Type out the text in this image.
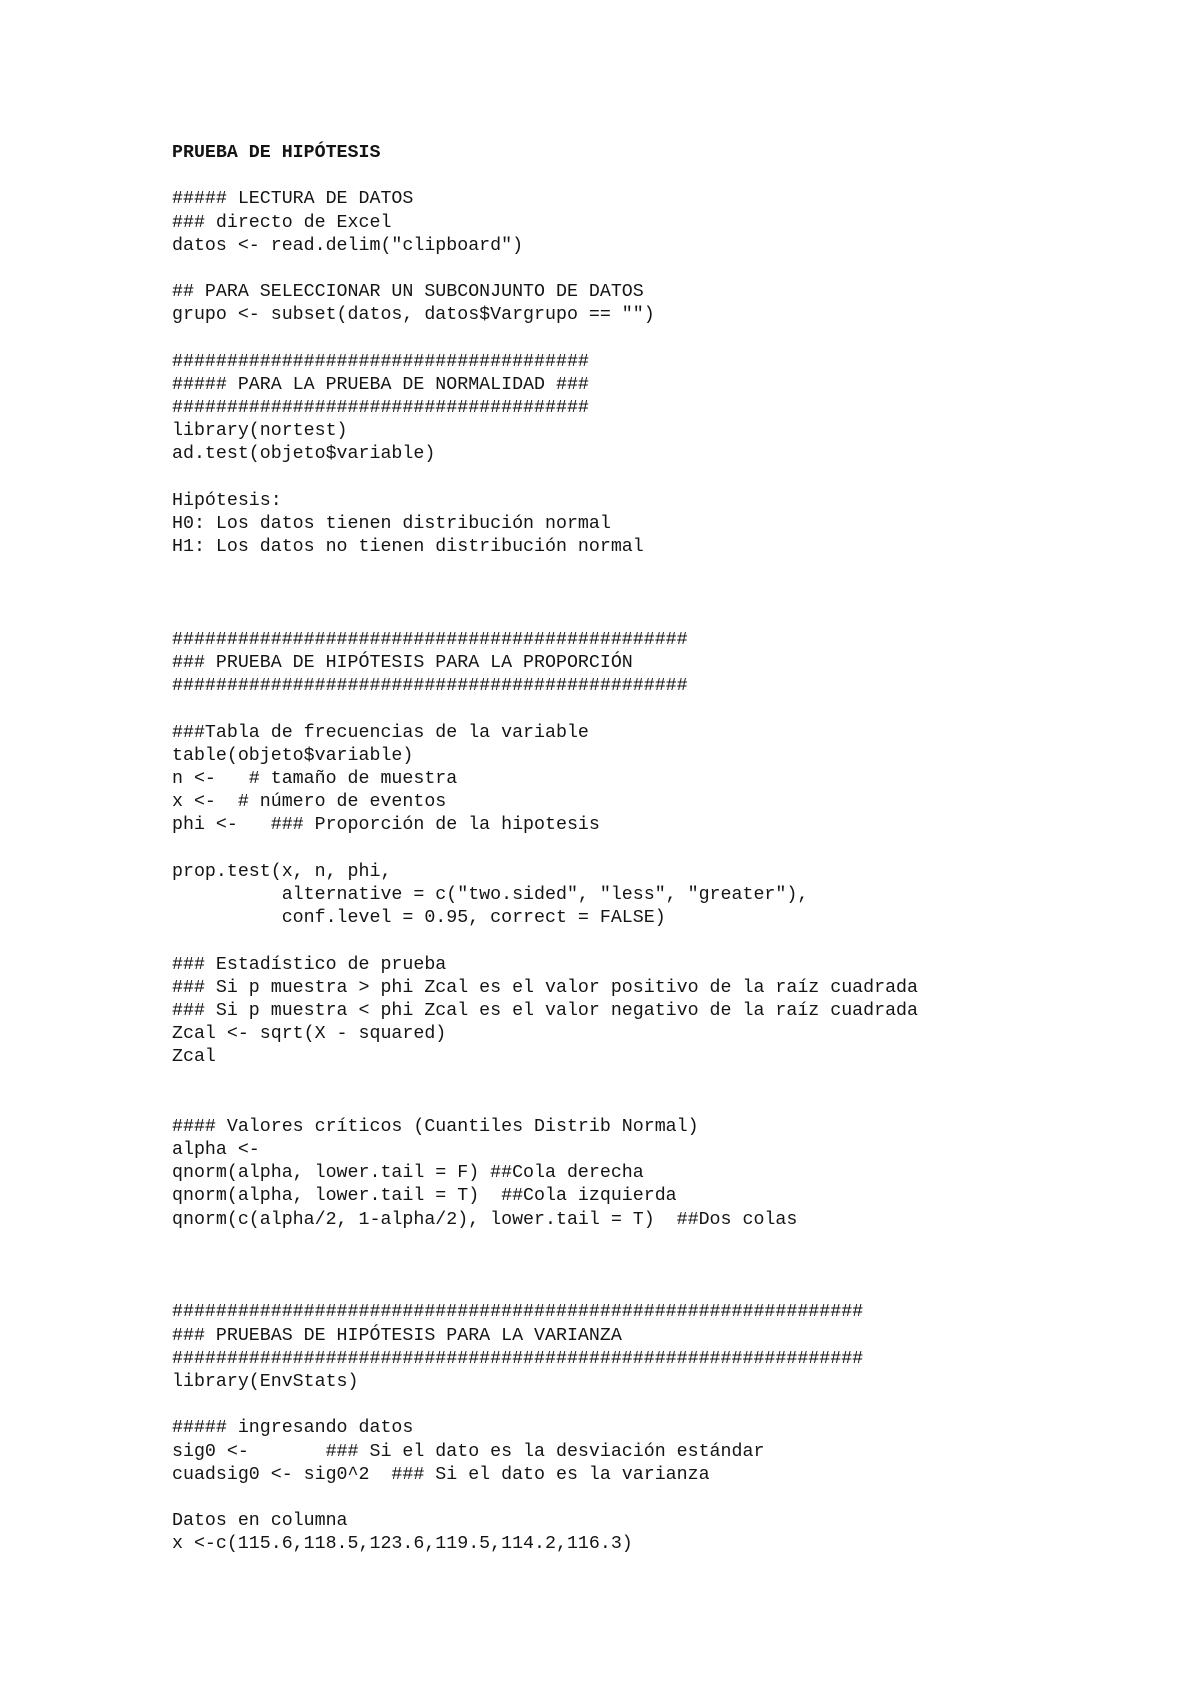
PRUEBA DE HIPÓTESIS
##### LECTURA DE DATOS
### directo de Excel
datos <- read.delim("clipboard")
## PARA SELECCIONAR UN SUBCONJUNTO DE DATOS
grupo <- subset(datos, datos$Vargrupo == "")
######################################
##### PARA LA PRUEBA DE NORMALIDAD ###
######################################
library(nortest)
ad.test(objeto$variable)
Hipótesis:
H0: Los datos tienen distribución normal
H1: Los datos no tienen distribución normal
###############################################
### PRUEBA DE HIPÓTESIS PARA LA PROPORCIÓN
###############################################
###Tabla de frecuencias de la variable
table(objeto$variable)
n <-   # tamaño de muestra
x <-  # número de eventos
phi <-   ### Proporción de la hipotesis
prop.test(x, n, phi,
alternative = c("two.sided", "less", "greater"),
conf.level = 0.95, correct = FALSE)
### Estadístico de prueba
### Si p muestra > phi Zcal es el valor positivo de la raíz cuadrada
### Si p muestra < phi Zcal es el valor negativo de la raíz cuadrada
Zcal <- sqrt(X - squared)
Zcal
#### Valores críticos (Cuantiles Distrib Normal)
alpha <-
qnorm(alpha, lower.tail = F) ##Cola derecha
qnorm(alpha, lower.tail = T)  ##Cola izquierda
qnorm(c(alpha/2, 1-alpha/2), lower.tail = T)  ##Dos colas
###############################################################
### PRUEBAS DE HIPÓTESIS PARA LA VARIANZA
###############################################################
library(EnvStats)
##### ingresando datos
sig0 <-       ### Si el dato es la desviación estándar
cuadsig0 <- sig0^2  ### Si el dato es la varianza
Datos en columna
x <-c(115.6,118.5,123.6,119.5,114.2,116.3)
